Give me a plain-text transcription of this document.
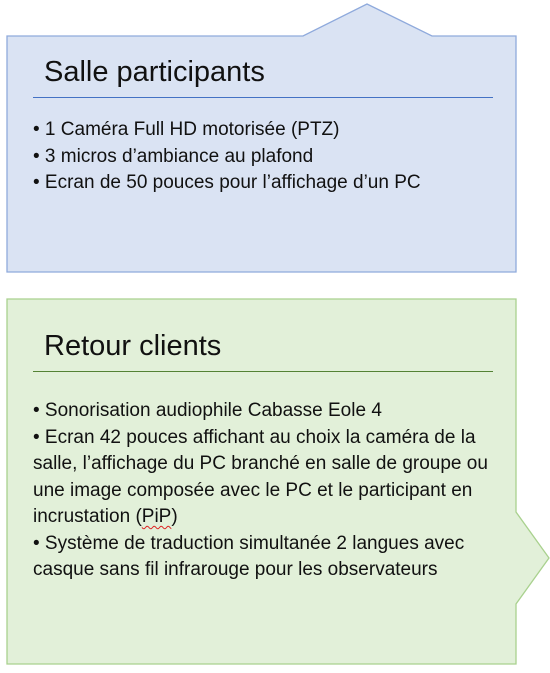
Salle participants

• 1 Caméra Full HD motorisée (PTZ)

• 3 micros d’ambiance au plafond

• Ecran de 50 pouces pour l’affichage d’un PC

Retour clients

• Sonorisation audiophile Cabasse Eole 4

• Ecran 42 pouces affichant au choix la caméra de la salle, l’affichage du PC branché en salle de groupe ou une image composée avec le PC et le participant en incrustation (PiP)

• Système de traduction simultanée 2 langues avec casque sans fil infrarouge pour les observateurs
